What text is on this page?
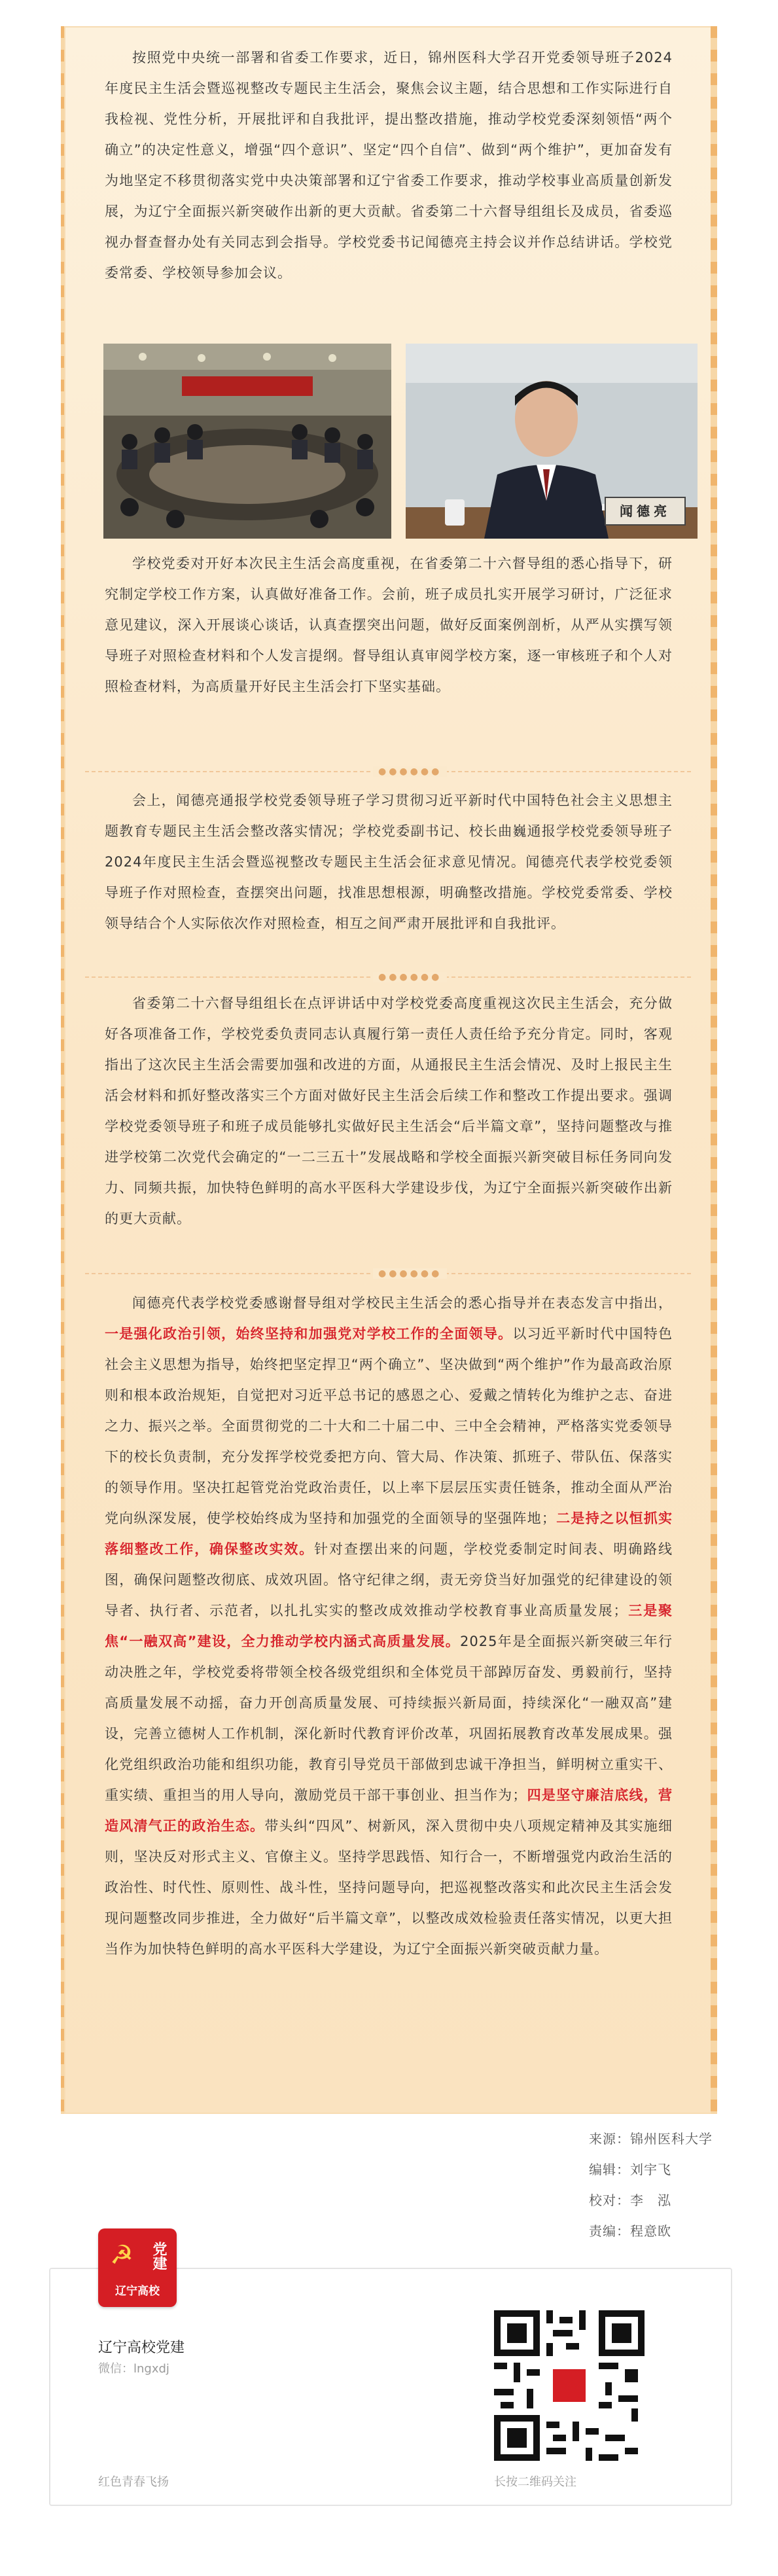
按照党中央统一部署和省委工作要求，近日，锦州医科大学召开党委领导班子2024年度民主生活会暨巡视整改专题民主生活会，聚焦会议主题，结合思想和工作实际进行自我检视、党性分析，开展批评和自我批评，提出整改措施，推动学校党委深刻领悟“两个确立”的决定性意义，增强“四个意识”、坚定“四个自信”、做到“两个维护”，更加奋发有为地坚定不移贯彻落实党中央决策部署和辽宁省委工作要求，推动学校事业高质量创新发展，为辽宁全面振兴新突破作出新的更大贡献。省委第二十六督导组组长及成员，省委巡视办督查督办处有关同志到会指导。学校党委书记闻德亮主持会议并作总结讲话。学校党委常委、学校领导参加会议。

闻德亮

学校党委对开好本次民主生活会高度重视，在省委第二十六督导组的悉心指导下，研究制定学校工作方案，认真做好准备工作。会前，班子成员扎实开展学习研讨，广泛征求意见建议，深入开展谈心谈话，认真查摆突出问题，做好反面案例剖析，从严从实撰写领导班子对照检查材料和个人发言提纲。督导组认真审阅学校方案，逐一审核班子和个人对照检查材料，为高质量开好民主生活会打下坚实基础。

●●●●●●

会上，闻德亮通报学校党委领导班子学习贯彻习近平新时代中国特色社会主义思想主题教育专题民主生活会整改落实情况；学校党委副书记、校长曲巍通报学校党委领导班子2024年度民主生活会暨巡视整改专题民主生活会征求意见情况。闻德亮代表学校党委领导班子作对照检查，查摆突出问题，找准思想根源，明确整改措施。学校党委常委、学校领导结合个人实际依次作对照检查，相互之间严肃开展批评和自我批评。

●●●●●●

省委第二十六督导组组长在点评讲话中对学校党委高度重视这次民主生活会，充分做好各项准备工作，学校党委负责同志认真履行第一责任人责任给予充分肯定。同时，客观指出了这次民主生活会需要加强和改进的方面，从通报民主生活会情况、及时上报民主生活会材料和抓好整改落实三个方面对做好民主生活会后续工作和整改工作提出要求。强调学校党委领导班子和班子成员能够扎实做好民主生活会“后半篇文章”，坚持问题整改与推进学校第二次党代会确定的“一二三五十”发展战略和学校全面振兴新突破目标任务同向发力、同频共振，加快特色鲜明的高水平医科大学建设步伐，为辽宁全面振兴新突破作出新的更大贡献。

●●●●●●

闻德亮代表学校党委感谢督导组对学校民主生活会的悉心指导并在表态发言中指出，一是强化政治引领，始终坚持和加强党对学校工作的全面领导。以习近平新时代中国特色社会主义思想为指导，始终把坚定捍卫“两个确立”、坚决做到“两个维护”作为最高政治原则和根本政治规矩，自觉把对习近平总书记的感恩之心、爱戴之情转化为维护之志、奋进之力、振兴之举。全面贯彻党的二十大和二十届二中、三中全会精神，严格落实党委领导下的校长负责制，充分发挥学校党委把方向、管大局、作决策、抓班子、带队伍、保落实的领导作用。坚决扛起管党治党政治责任，以上率下层层压实责任链条，推动全面从严治党向纵深发展，使学校始终成为坚持和加强党的全面领导的坚强阵地；二是持之以恒抓实落细整改工作，确保整改实效。针对查摆出来的问题，学校党委制定时间表、明确路线图，确保问题整改彻底、成效巩固。恪守纪律之纲，责无旁贷当好加强党的纪律建设的领导者、执行者、示范者，以扎扎实实的整改成效推动学校教育事业高质量发展；三是聚焦“一融双高”建设，全力推动学校内涵式高质量发展。2025年是全面振兴新突破三年行动决胜之年，学校党委将带领全校各级党组织和全体党员干部踔厉奋发、勇毅前行，坚持高质量发展不动摇，奋力开创高质量发展、可持续振兴新局面，持续深化“一融双高”建设，完善立德树人工作机制，深化新时代教育评价改革，巩固拓展教育改革发展成果。强化党组织政治功能和组织功能，教育引导党员干部做到忠诚干净担当，鲜明树立重实干、重实绩、重担当的用人导向，激励党员干部干事创业、担当作为；四是坚守廉洁底线，营造风清气正的政治生态。带头纠“四风”、树新风，深入贯彻中央八项规定精神及其实施细则，坚决反对形式主义、官僚主义。坚持学思践悟、知行合一，不断增强党内政治生活的政治性、时代性、原则性、战斗性，坚持问题导向，把巡视整改落实和此次民主生活会发现问题整改同步推进，全力做好“后半篇文章”，以整改成效检验责任落实情况，以更大担当作为加快特色鲜明的高水平医科大学建设，为辽宁全面振兴新突破贡献力量。

来源：锦州医科大学
编辑：刘宇飞
校对：李　泓
责编：程意欧
☭ 党建
辽宁高校
辽宁高校党建
微信：lngxdj
红色青春飞扬	长按二维码关注
